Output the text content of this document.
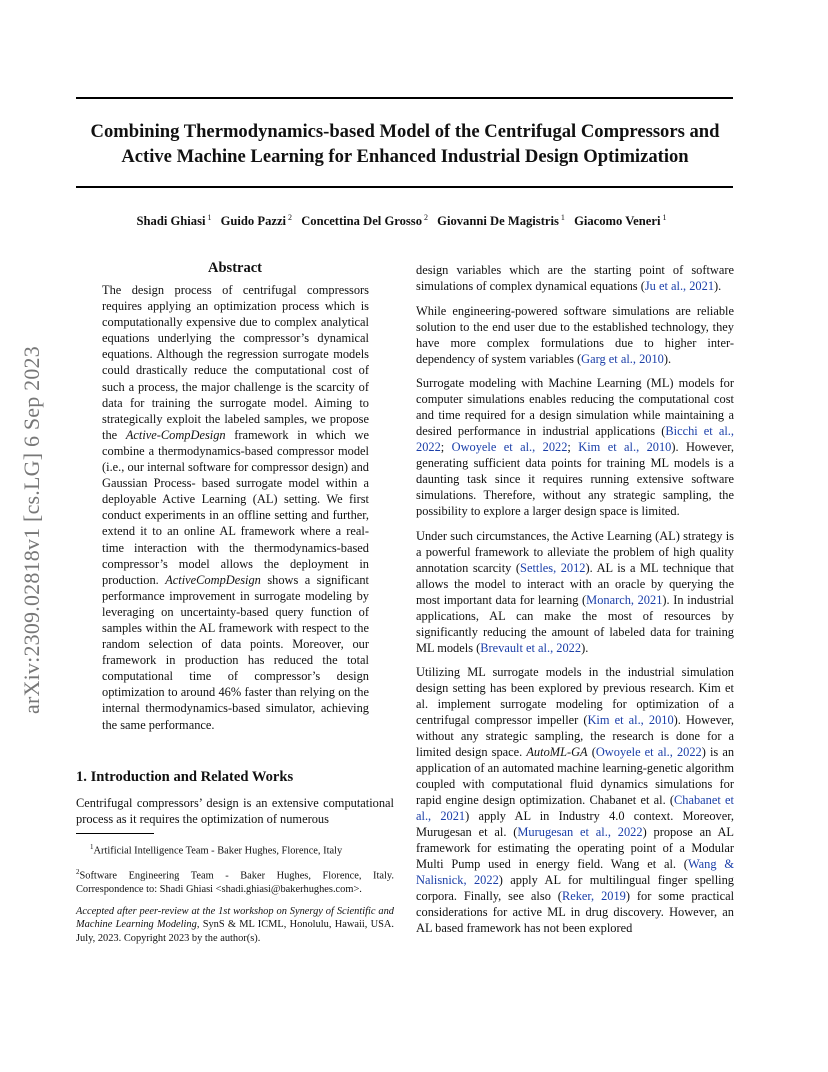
Combining Thermodynamics-based Model of the Centrifugal Compressors and
Active Machine Learning for Enhanced Industrial Design Optimization
Shadi Ghiasi $^1$ Guido Pazzi $^2$ Concettina Del Grosso $^2$ Giovanni De Magistris $^1$ Giacomo Veneri $^1$
arXiv:2309.02818v1 [cs.LG] 6 Sep 2023
Abstract

The design process of centrifugal compressors requires applying an optimization process which is computationally expensive due to complex analytical equations underlying the compressor’s dynamical equations. Although the regression surrogate models could drastically reduce the computational cost of such a process, the major challenge is the scarcity of data for training the surrogate model. Aiming to strategically exploit the labeled samples, we propose the Active-CompDesign framework in which we combine a thermodynamics-based compressor model (i.e., our internal software for compressor design) and Gaussian Process- based surrogate model within a deployable Active Learning (AL) setting. We first conduct experiments in an offline setting and further, extend it to an online AL framework where a real-time interaction with the thermodynamics-based compressor’s model allows the deployment in production. ActiveCompDesign shows a significant performance improvement in surrogate modeling by leveraging on uncertainty-based query function of samples within the AL framework with respect to the random selection of data points. Moreover, our framework in production has reduced the total computational time of compressor’s design optimization to around 46% faster than relying on the internal thermodynamics-based simulator, achieving the same performance.

1. Introduction and Related Works

Centrifugal compressors’ design is an extensive computational process as it requires the optimization of numerous

$^1$Artificial Intelligence Team - Baker Hughes, Florence, Italy

$^2$Software Engineering Team - Baker Hughes, Florence, Italy. Correspondence to: Shadi Ghiasi <shadi.ghiasi@bakerhughes.com>.

Accepted after peer-review at the 1st workshop on Synergy of Scientific and Machine Learning Modeling, SynS & ML ICML, Honolulu, Hawaii, USA. July, 2023. Copyright 2023 by the author(s).

design variables which are the starting point of software simulations of complex dynamical equations (Ju et al., 2021).

While engineering-powered software simulations are reliable solution to the end user due to the established technology, they have more complex formulations due to higher inter-dependency of system variables (Garg et al., 2010).

Surrogate modeling with Machine Learning (ML) models for computer simulations enables reducing the computational cost and time required for a design simulation while maintaining a desired performance in industrial applications (Bicchi et al., 2022; Owoyele et al., 2022; Kim et al., 2010). However, generating sufficient data points for training ML models is a daunting task since it requires running extensive software simulations. Therefore, without any strategic sampling, the possibility to explore a larger design space is limited.

Under such circumstances, the Active Learning (AL) strategy is a powerful framework to alleviate the problem of high quality annotation scarcity (Settles, 2012). AL is a ML technique that allows the model to interact with an oracle by querying the most important data for learning (Monarch, 2021). In industrial applications, AL can make the most of resources by significantly reducing the amount of labeled data for training ML models (Brevault et al., 2022).

Utilizing ML surrogate models in the industrial simulation design setting has been explored by previous research. Kim et al. implement surrogate modeling for optimization of a centrifugal compressor impeller (Kim et al., 2010). However, without any strategic sampling, the research is done for a limited design space. AutoML-GA (Owoyele et al., 2022) is an application of an automated machine learning-genetic algorithm coupled with computational fluid dynamics simulations for rapid engine design optimization. Chabanet et al. (Chabanet et al., 2021) apply AL in Industry 4.0 context. Moreover, Murugesan et al. (Murugesan et al., 2022) propose an AL framework for estimating the operating point of a Modular Multi Pump used in energy field. Wang et al. (Wang & Nalisnick, 2022) apply AL for multilingual finger spelling corpora. Finally, see also (Reker, 2019) for some practical considerations for active ML in drug discovery. However, an AL based framework has not been explored
